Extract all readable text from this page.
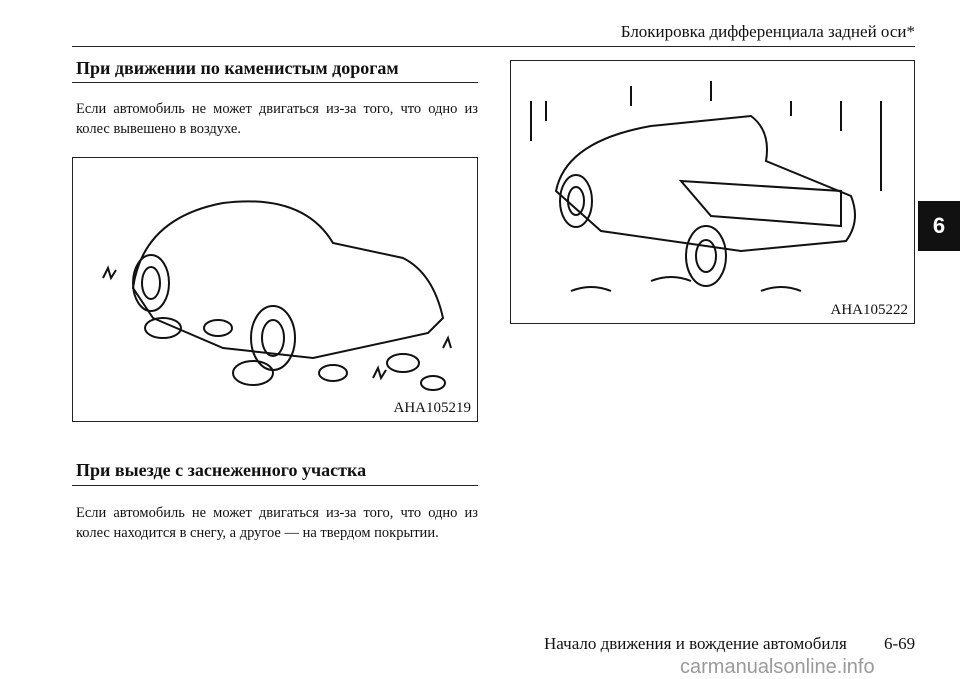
Блокировка дифференциала задней оси*
При движении по каменистым дорогам

Если автомобиль не может двигаться из-за того, что одно из колес вывешено в воздухе.

AHA105219
При выезде с заснеженного участка

Если автомобиль не может двигаться из-за того, что одно из колес находится в снегу, а другое — на твердом покрытии.

AHA105222
6
Начало движения и вождение автомобиля 6-69
carmanualsonline.info
